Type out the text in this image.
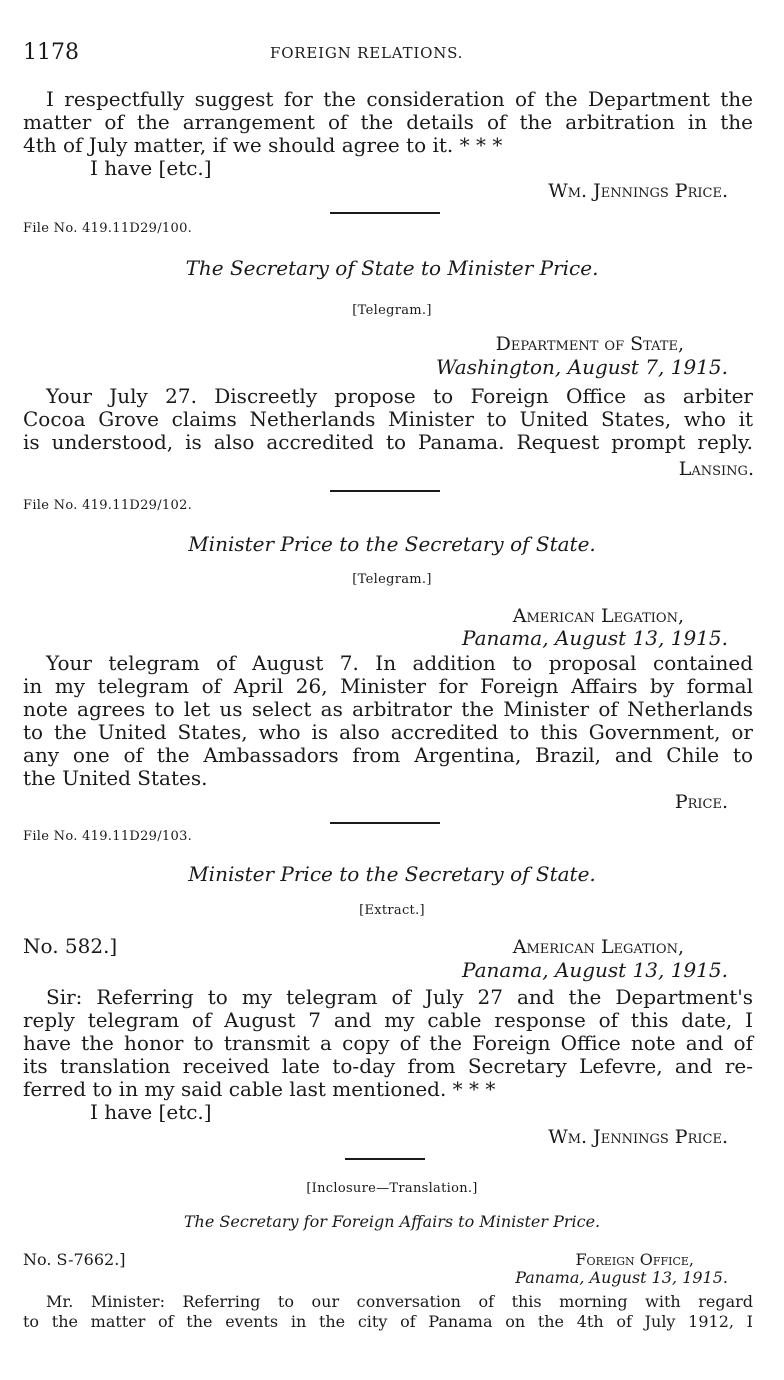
1178	FOREIGN RELATIONS.
I respectfully suggest for the consideration of the Department the
matter of the arrangement of the details of the arbitration in the
4th of July matter, if we should agree to it. * * *
I have [etc.]
Wm. Jennings Price.
File No. 419.11D29/100.
The Secretary of State to Minister Price.
[Telegram.]
Department of State,
Washington, August 7, 1915.
Your July 27. Discreetly propose to Foreign Office as arbiter
Cocoa Grove claims Netherlands Minister to United States, who it
is understood, is also accredited to Panama. Request prompt reply.
Lansing.
File No. 419.11D29/102.
Minister Price to the Secretary of State.
[Telegram.]
American Legation,
Panama, August 13, 1915.
Your telegram of August 7. In addition to proposal contained
in my telegram of April 26, Minister for Foreign Affairs by formal
note agrees to let us select as arbitrator the Minister of Netherlands
to the United States, who is also accredited to this Government, or
any one of the Ambassadors from Argentina, Brazil, and Chile to
the United States.
Price.
File No. 419.11D29/103.
Minister Price to the Secretary of State.
[Extract.]
No. 582.]	American Legation,
Panama, August 13, 1915.
Sir: Referring to my telegram of July 27 and the Department's
reply telegram of August 7 and my cable response of this date, I
have the honor to transmit a copy of the Foreign Office note and of
its translation received late to-day from Secretary Lefevre, and re-
ferred to in my said cable last mentioned. * * *
I have [etc.]
Wm. Jennings Price.
[Inclosure—Translation.]
The Secretary for Foreign Affairs to Minister Price.
No. S-7662.]	Foreign Office,
Panama, August 13, 1915.
Mr. Minister: Referring to our conversation of this morning with regard
to the matter of the events in the city of Panama on the 4th of July 1912, I
